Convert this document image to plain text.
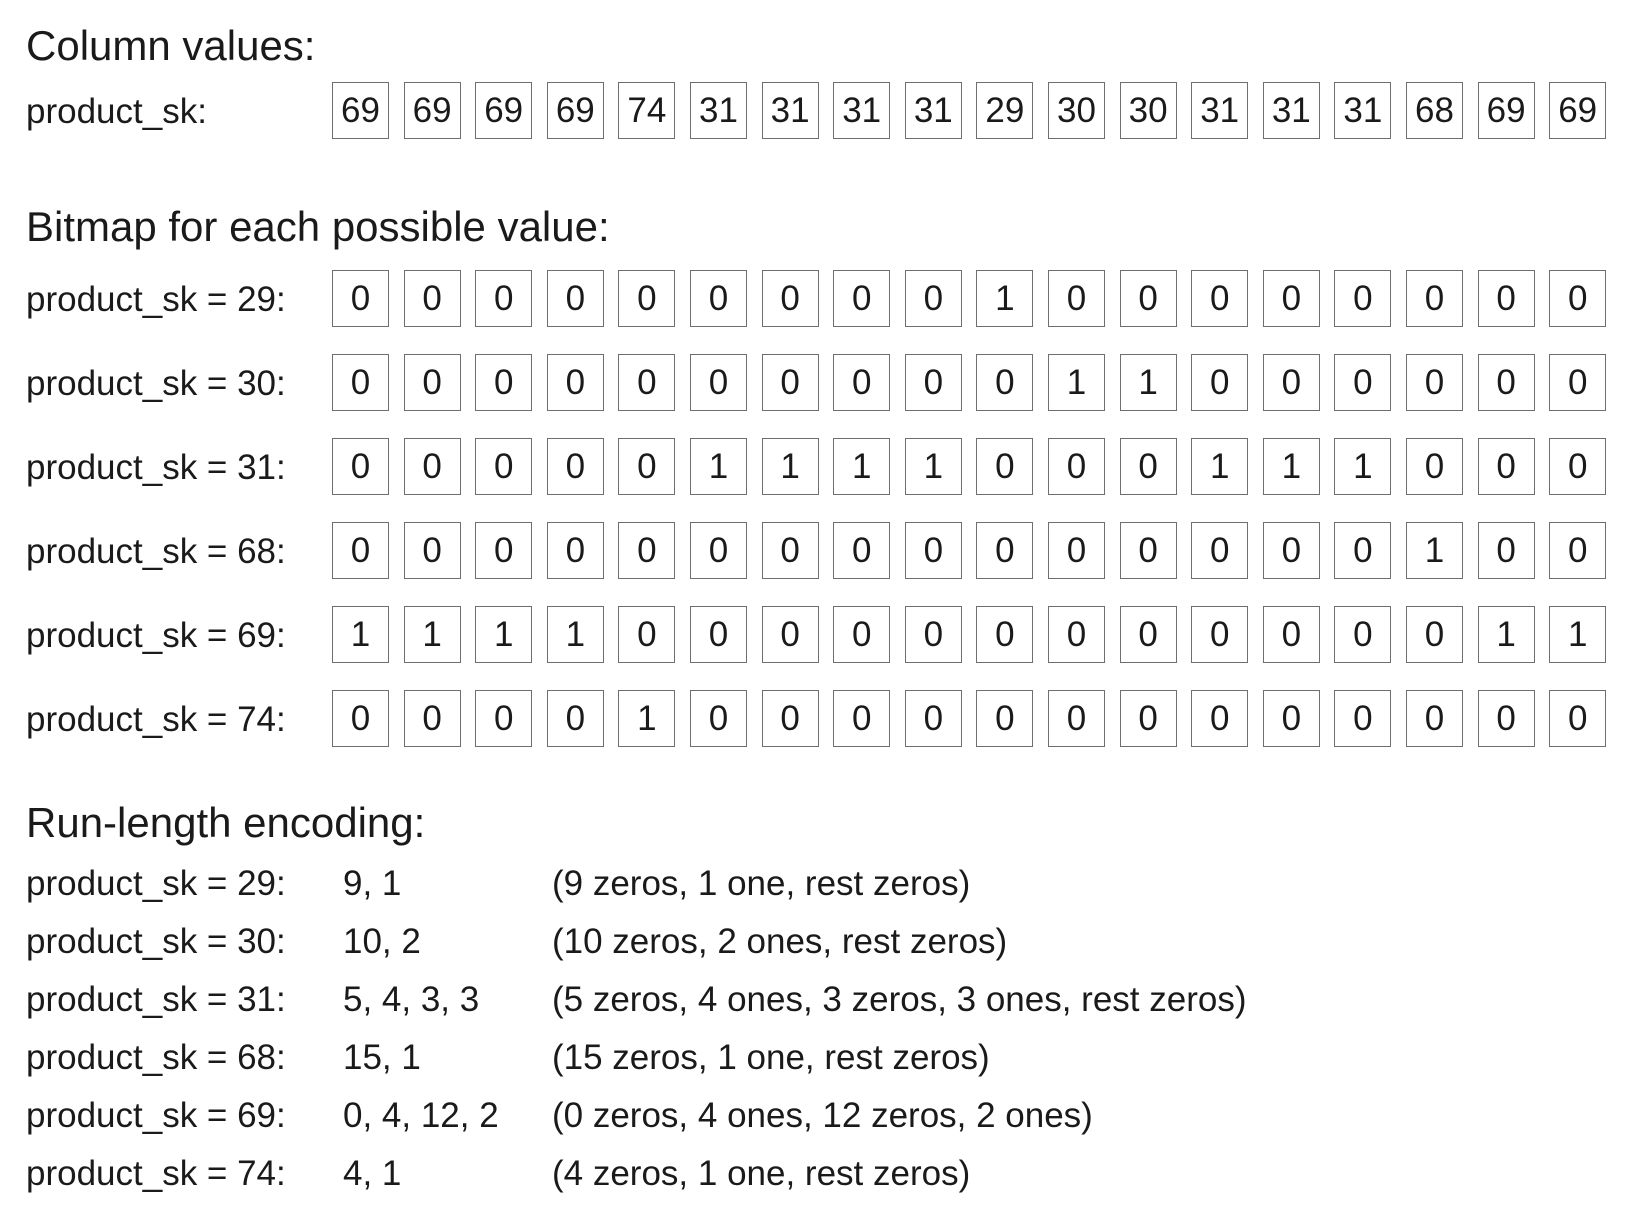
Column values:
product_sk:	69 69 69 69 74 31 31 31 31 29 30 30 31 31 31 68 69 69
Bitmap for each possible value:
product_sk = 29:	0	0	0	0	0	0	0	0	0	1	0	0	0	0	0	0	0	0
product_sk = 30:	0	0	0	0	0	0	0	0	0	0	1	1	0	0	0	0	0	0
product_sk = 31:	0	0	0	0	0	1	1	1	1	0	0	0	1	1	1	0	0	0
product_sk = 68:	0	0	0	0	0	0	0	0	0	0	0	0	0	0	0	1	0	0
product_sk = 69:	1	1	1	1	0	0	0	0	0	0	0	0	0	0	0	0	1	1
product_sk = 74:	0	0	0	0	1	0	0	0	0	0	0	0	0	0	0	0	0	0
Run-length encoding:
product_sk = 29: 9, 1	(9 zeros, 1 one, rest zeros)
product_sk = 30: 10, 2	(10 zeros, 2 ones, rest zeros)
product_sk = 31: 5, 4, 3, 3 (5 zeros, 4 ones, 3 zeros, 3 ones, rest zeros)
product_sk = 68: 15, 1	(15 zeros, 1 one, rest zeros)
product_sk = 69: 0, 4, 12, 2 (0 zeros, 4 ones, 12 zeros, 2 ones)
product_sk = 74: 4, 1	(4 zeros, 1 one, rest zeros)
